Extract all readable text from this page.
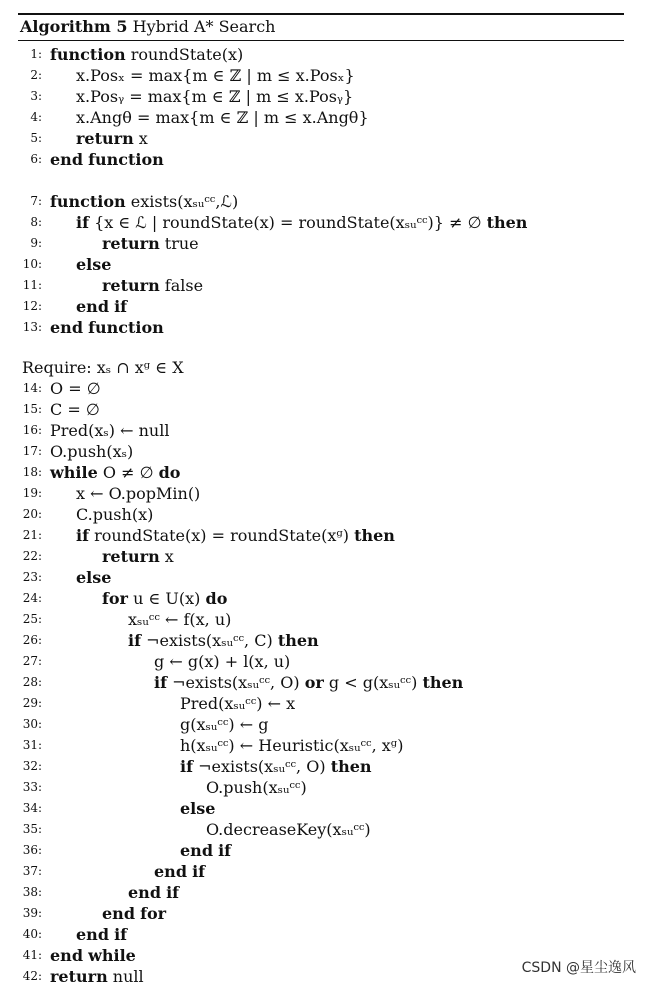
Algorithm 5 Hybrid A* Search
Require: xₛ ∩ xᵍ ∈ X
1: function roundState(x)
2: x.Posₓ = max{m ∈ ℤ | m ≤ x.Posₓ}
3: x.Posᵧ = max{m ∈ ℤ | m ≤ x.Posᵧ}
4: x.Angθ = max{m ∈ ℤ | m ≤ x.Angθ}
5: return x
6: end function
7: function exists(xₛᵤᶜᶜ,ℒ)
8: if {x ∈ ℒ | roundState(x) = roundState(xₛᵤᶜᶜ)} ≠ ∅ then
9:	return true
10: else
11:	return false
12: end if
13: end function
14: O = ∅
15: C = ∅
16: Pred(xₛ) ← null
17: O.push(xₛ)
18: while O ≠ ∅ do
19: x ← O.popMin()
20: C.push(x)
21: if roundState(x) = roundState(xᵍ) then
22:	return x
23: else
24:	for u ∈ U(x) do
25:	xₛᵤᶜᶜ ← f(x, u)
26:	if ¬exists(xₛᵤᶜᶜ, C) then
27:	g ← g(x) + l(x, u)
28:	if ¬exists(xₛᵤᶜᶜ, O) or g < g(xₛᵤᶜᶜ) then
29:	Pred(xₛᵤᶜᶜ) ← x
30:	g(xₛᵤᶜᶜ) ← g
31:	h(xₛᵤᶜᶜ) ← Heuristic(xₛᵤᶜᶜ, xᵍ)
32:	if ¬exists(xₛᵤᶜᶜ, O) then
33:	O.push(xₛᵤᶜᶜ)
34:	else
35:	O.decreaseKey(xₛᵤᶜᶜ)
36:	end if
37:	end if
38:	end if
39:	end for
40: end if
41: end while
42: return null	CSDN @星尘逸风
